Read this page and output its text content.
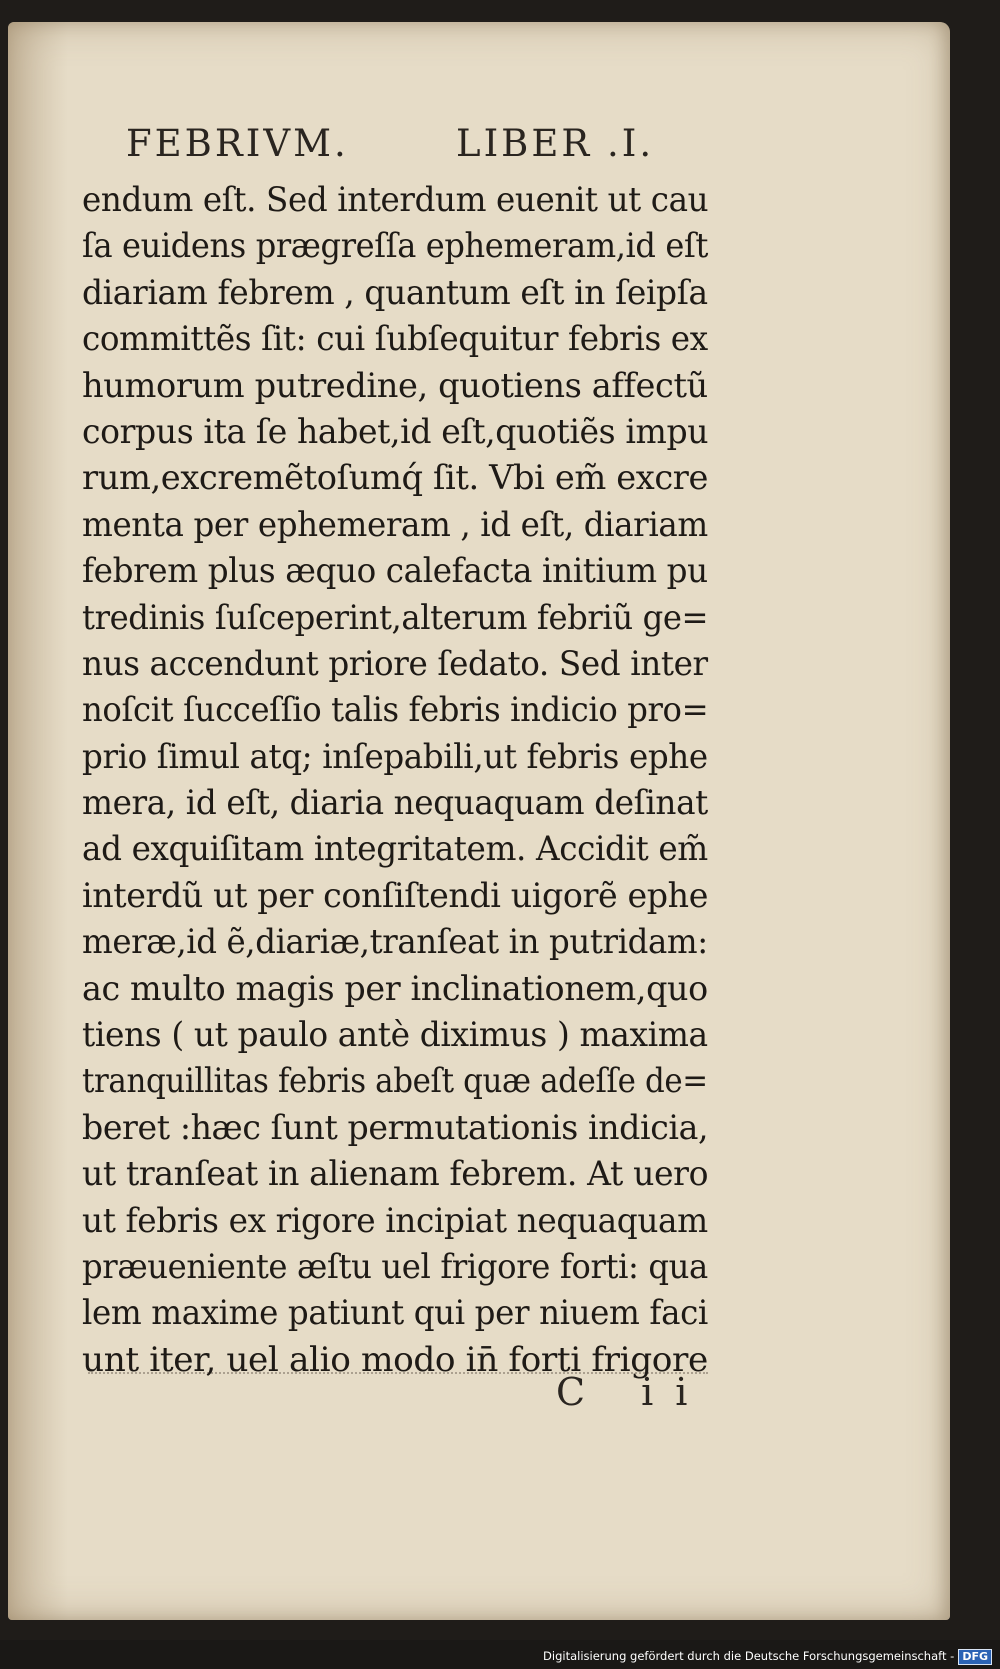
FEBRIVM.	LIBER .I.
endum eſt. Sed interdum euenit ut cau
ſa euidens prægreſſa ephemeram,id eſt
diariam febrem , quantum eſt in ſeipſa
committẽs ſit: cui ſubſequitur febris ex
humorum putredine, quotiens affectũ
corpus ita ſe habet,id eſt,quotiẽs impu
rum,excremẽtoſumq́ ſit. Vbi em̃ excre
menta per ephemeram , id eſt, diariam
febrem plus æquo calefacta initium pu
tredinis ſuſceperint,alterum febriũ ge=
nus accendunt priore ſedato. Sed inter
noſcit ſucceſſio talis febris indicio pro=
prio ſimul atq; inſepabili,ut febris ephe
mera, id eſt, diaria nequaquam deſinat
ad exquiſitam integritatem. Accidit em̃
interdũ ut per conſiſtendi uigorẽ ephe
meræ,id ẽ,diariæ,tranſeat in putridam:
ac multo magis per inclinationem,quo
tiens ( ut paulo antè diximus ) maxima
tranquillitas febris abeſt quæ adeſſe de=
beret :hæc ſunt permutationis indicia,
ut tranſeat in alienam febrem. At uero
ut febris ex rigore incipiat nequaquam
præueniente æſtu uel frigore forti: qua
lem maxime patiunt qui per niuem faci
unt iter, uel alio modo in̄ forti frigore
C ii
Digitalisierung gefördert durch die Deutsche Forschungsgemeinschaft - DFG
